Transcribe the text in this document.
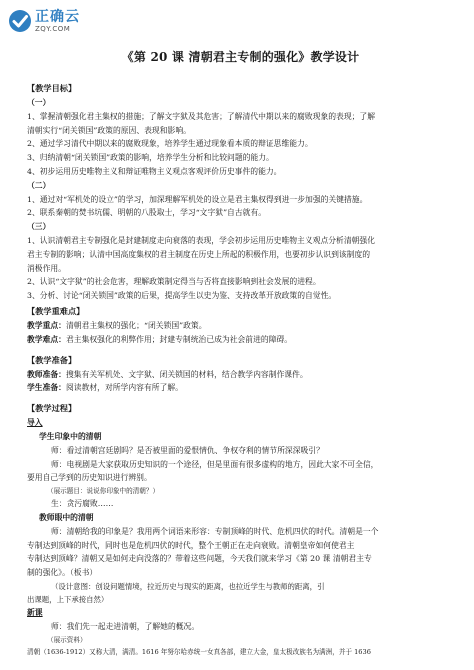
正确云
ZQY.COM
《第 20 课 清朝君主专制的强化》教学设计
【教学目标】

（一）

1、掌握清朝强化君主集权的措施；了解文字狱及其危害；了解清代中期以来的腐败现象的表现；了解

清朝实行“闭关锁国”政策的原因、表现和影响。

2、通过学习清代中期以来的腐败现象，培养学生通过现象看本质的辩证思维能力。

3、归纳清朝“闭关锁国”政策的影响，培养学生分析和比较问题的能力。

4、初步运用历史唯物主义和辩证唯物主义观点客观评价历史事件的能力。

（二）

1、通过对“军机处的设立”的学习，加深理解军机处的设立是君主集权得到进一步加强的关键措施。

2、联系秦朝的焚书坑儒、明朝的八股取士，学习“文字狱”自古就有。

（三）

1、认识清朝君主专制强化是封建制度走向衰落的表现，学会初步运用历史唯物主义观点分析清朝强化

君主专制的影响；认清中国高度集权的君主制度在历史上所起的积极作用，也要初步认识到该制度的

消极作用。

2、认识“文字狱”的社会危害，理解政策制定得当与否将直接影响到社会发展的进程。

3、分析、讨论“闭关锁国”政策的后果，提高学生以史为鉴、支持改革开放政策的自觉性。

【教学重难点】

教学重点：清朝君主集权的强化；“闭关锁国”政策。

教学难点：君主集权强化的利弊作用；封建专制统治已成为社会前进的障碍。

【教学准备】

教师准备：搜集有关军机处、文字狱、闭关锁国的材料，结合教学内容制作课件。

学生准备：阅读教材，对所学内容有所了解。

【教学过程】

导入

学生印象中的清朝

师：看过清朝宫廷剧吗？是否被里面的爱恨情仇、争权夺利的情节所深深吸引？

师：电视剧是大家获取历史知识的一个途径，但是里面有很多虚构的地方，因此大家不可全信，

要用自己学到的历史知识进行辨别。

（展示题目：说说你印象中的清朝？）

生：贪污腐败……

教师眼中的清朝

师：清朝给我的印象是？我用两个词语来形容：专制顶峰的时代、危机四伏的时代。清朝是一个

专制达到顶峰的时代，同时也是危机四伏的时代，整个王朝正在走向衰败。清朝皇帝如何使君主

专制达到顶峰？清朝又是如何走向没落的？带着这些问题，今天我们就来学习《第 20 课 清朝君主专

制的强化》。（板书）

（设计意图：创设问题情境，拉近历史与现实的距离，也拉近学生与教师的距离，引

出课题，上下承接自然）

新课

师：我们先一起走进清朝，了解她的概况。

（展示资料）

清朝（1636-1912）又称大清，满清。1616 年努尔哈赤统一女真各部，建立大金，皇太极改族名为满洲，并于 1636
